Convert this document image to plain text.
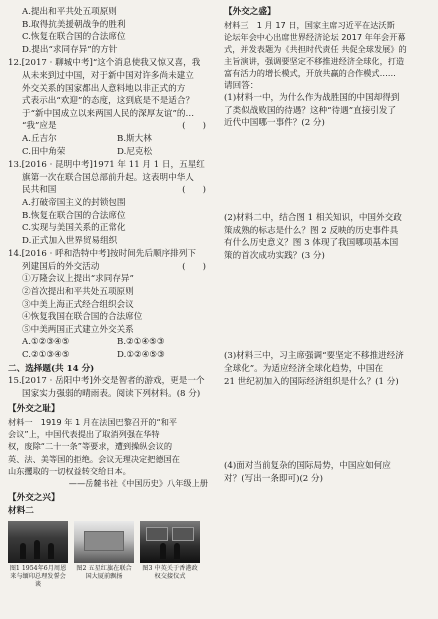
A.提出和平共处五项原则
B.取得抗美援朝战争的胜利
C.恢复在联合国的合法席位
D.提出“求同存异”的方针
12.[2017 · 聊城中考]“这个消息使我又惊又喜，我
从未来到过中国，对于新中国对许多尚未建立
外交关系的国家都出人意料地以非正式的方
式表示出“欢迎”的态度，这到底是不是适合？
于“新中国成立以来两国人民的深厚友谊”的…
“我”应是	(　　)
A.丘吉尔	B.斯大林
C.田中角荣	D.尼克松
13.[2016 · 昆明中考]1971 年 11 月 1 日，五星红
旗第一次在联合国总部前升起。这表明中华人
民共和国	(　　)
A.打破帝国主义的封锁包围
B.恢复在联合国的合法席位
C.实现与美国关系的正常化
D.正式加入世界贸易组织
14.[2016 · 呼和浩特中考]按时间先后顺序排列下
列建国后的外交活动	(　　)
①万隆会议上提出“求同存异”
②首次提出和平共处五项原则
③中美上海正式经合组织会议
④恢复我国在联合国的合法席位
⑤中美两国正式建立外交关系
A.①②③④⑤	B.②①④⑤③
C.②①③④⑤	D.①②④⑤③
二、选择题(共 14 分)
15.[2017 · 岳阳中考]外交是智者的游戏，更是一个
国家实力强弱的晴雨表。阅读下列材料。(8 分)
【外交之耻】
材料一　1919 年 1 月在法国巴黎召开的“和平
会议”上，中国代表提出了取消列强在华特
权，废除“二十一条”等要求，遭到操纵会议的
英、法、美等国的拒绝。会议无理决定把德国在
山东攫取的一切权益转交给日本。
——岳麓书社《中国历史》八年级上册
【外交之兴】
材料二
图1 1954年6月周恩来与缅印总理发誓会谈
图2 五星红旗在联合国大厦前飘扬
图3 中英关于香港政权交接仪式
【外交之盛】
材料三　1 月 17 日，国家主席习近平在达沃斯
论坛年会中心出席世界经济论坛 2017 年年会开幕
式，并发表题为《共担时代责任 共促全球发展》的
主旨演讲，强调要坚定不移推进经济全球化，打造
富有活力的增长模式，开放共赢的合作模式……
请回答：
(1)材料一中，为什么作为战胜国的中国却得到
了类似战败国的待遇？这种“待遇”直接引发了
近代中国哪一事件？(2 分)
(2)材料二中，结合图 1 相关知识，中国外交政
策成熟的标志是什么？图 2 反映的历史事件具
有什么历史意义？图 3 体现了我国哪项基本国
策的首次成功实践？(3 分)
(3)材料三中，习主席强调“要坚定不移推进经济
全球化”。为适应经济全球化趋势，中国在
21 世纪初加入的国际经济组织是什么？(1 分)
(4)面对当前复杂的国际局势，中国应如何应
对？(写出一条即可)(2 分)
